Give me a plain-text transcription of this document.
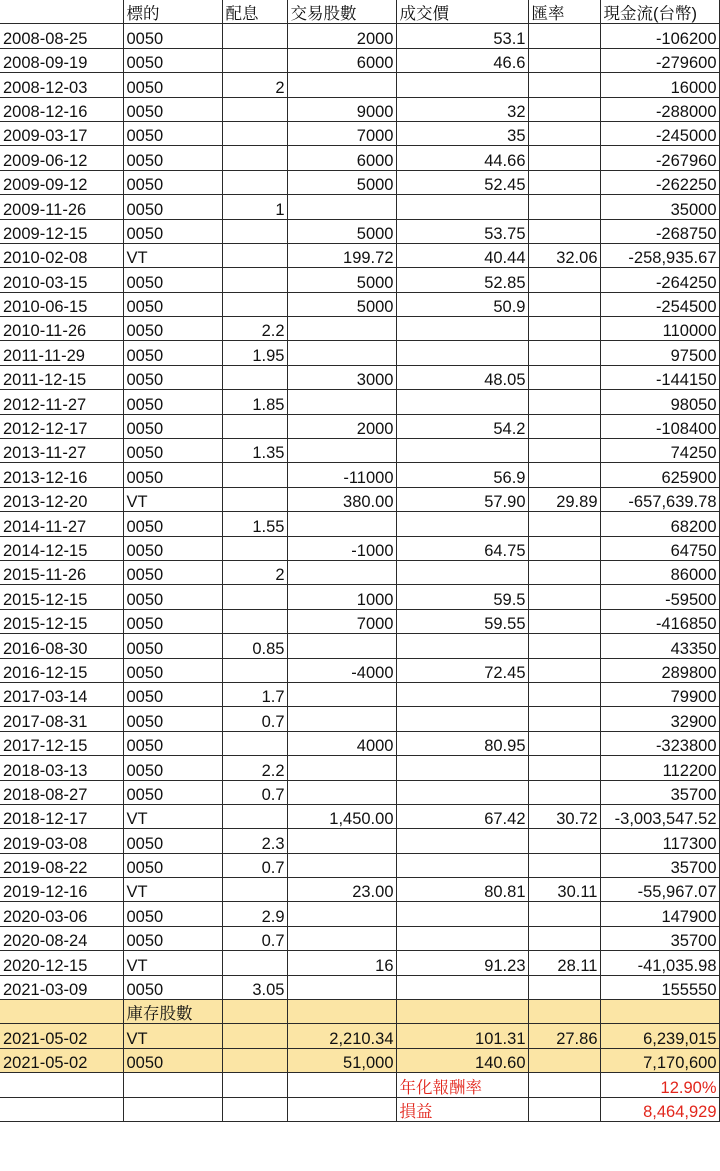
	標的	配息	交易股數	成交價	匯率	現金流(台幣)
2008-08-25	0050		2000	53.1		-106200
2008-09-19	0050		6000	46.6		-279600
2008-12-03	0050	2				16000
2008-12-16	0050		9000	32		-288000
2009-03-17	0050		7000	35		-245000
2009-06-12	0050		6000	44.66		-267960
2009-09-12	0050		5000	52.45		-262250
2009-11-26	0050	1				35000
2009-12-15	0050		5000	53.75		-268750
2010-02-08	VT		199.72	40.44	32.06	-258,935.67
2010-03-15	0050		5000	52.85		-264250
2010-06-15	0050		5000	50.9		-254500
2010-11-26	0050	2.2				110000
2011-11-29	0050	1.95				97500
2011-12-15	0050		3000	48.05		-144150
2012-11-27	0050	1.85				98050
2012-12-17	0050		2000	54.2		-108400
2013-11-27	0050	1.35				74250
2013-12-16	0050		-11000	56.9		625900
2013-12-20	VT		380.00	57.90	29.89	-657,639.78
2014-11-27	0050	1.55				68200
2014-12-15	0050		-1000	64.75		64750
2015-11-26	0050	2				86000
2015-12-15	0050		1000	59.5		-59500
2015-12-15	0050		7000	59.55		-416850
2016-08-30	0050	0.85				43350
2016-12-15	0050		-4000	72.45		289800
2017-03-14	0050	1.7				79900
2017-08-31	0050	0.7				32900
2017-12-15	0050		4000	80.95		-323800
2018-03-13	0050	2.2				112200
2018-08-27	0050	0.7				35700
2018-12-17	VT		1,450.00	67.42	30.72	-3,003,547.52
2019-03-08	0050	2.3				117300
2019-08-22	0050	0.7				35700
2019-12-16	VT		23.00	80.81	30.11	-55,967.07
2020-03-06	0050	2.9				147900
2020-08-24	0050	0.7				35700
2020-12-15	VT		16	91.23	28.11	-41,035.98
2021-03-09	0050	3.05				155550
	庫存股數					
2021-05-02	VT		2,210.34	101.31	27.86	6,239,015
2021-05-02	0050		51,000	140.60		7,170,600
				年化報酬率		12.90%
				損益		8,464,929
